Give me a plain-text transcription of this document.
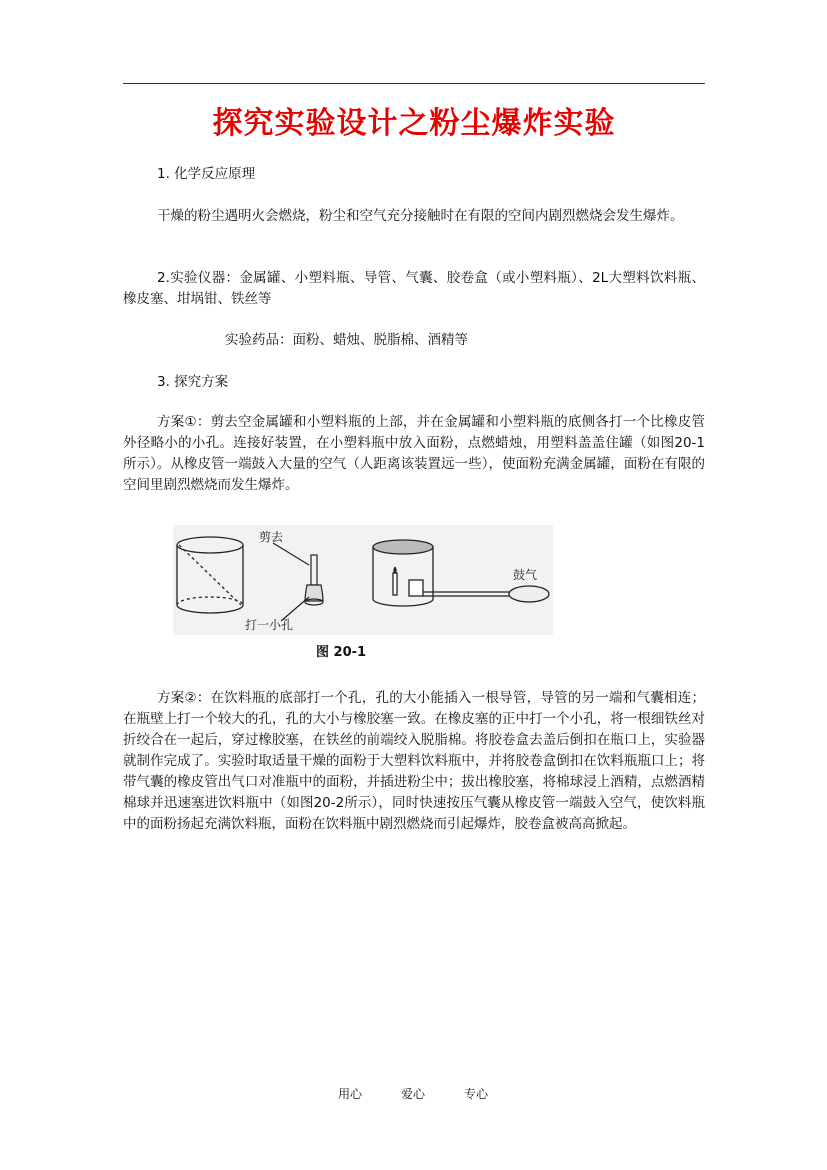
探究实验设计之粉尘爆炸实验

1. 化学反应原理

干燥的粉尘遇明火会燃烧，粉尘和空气充分接触时在有限的空间内剧烈燃烧会发生爆炸。

2.实验仪器：金属罐、小塑料瓶、导管、气囊、胶卷盒（或小塑料瓶）、2L大塑料饮料瓶、橡皮塞、坩埚钳、铁丝等

实验药品：面粉、蜡烛、脱脂棉、酒精等

3. 探究方案

方案①：剪去空金属罐和小塑料瓶的上部，并在金属罐和小塑料瓶的底侧各打一个比橡皮管外径略小的小孔。连接好装置，在小塑料瓶中放入面粉，点燃蜡烛，用塑料盖盖住罐（如图20-1所示）。从橡皮管一端鼓入大量的空气（人距离该装置远一些），使面粉充满金属罐，面粉在有限的空间里剧烈燃烧而发生爆炸。

剪去
打一小孔
鼓气
图 20-1

方案②：在饮料瓶的底部打一个孔，孔的大小能插入一根导管，导管的另一端和气囊相连；在瓶壁上打一个较大的孔，孔的大小与橡胶塞一致。在橡皮塞的正中打一个小孔，将一根细铁丝对折绞合在一起后，穿过橡胶塞，在铁丝的前端绞入脱脂棉。将胶卷盒去盖后倒扣在瓶口上，实验器就制作完成了。实验时取适量干燥的面粉于大塑料饮料瓶中，并将胶卷盒倒扣在饮料瓶瓶口上；将带气囊的橡皮管出气口对准瓶中的面粉，并插进粉尘中；拔出橡胶塞，将棉球浸上酒精，点燃酒精棉球并迅速塞进饮料瓶中（如图20-2所示），同时快速按压气囊从橡皮管一端鼓入空气，使饮料瓶中的面粉扬起充满饮料瓶，面粉在饮料瓶中剧烈燃烧而引起爆炸，胶卷盒被高高掀起。

用心	爱心	专心
